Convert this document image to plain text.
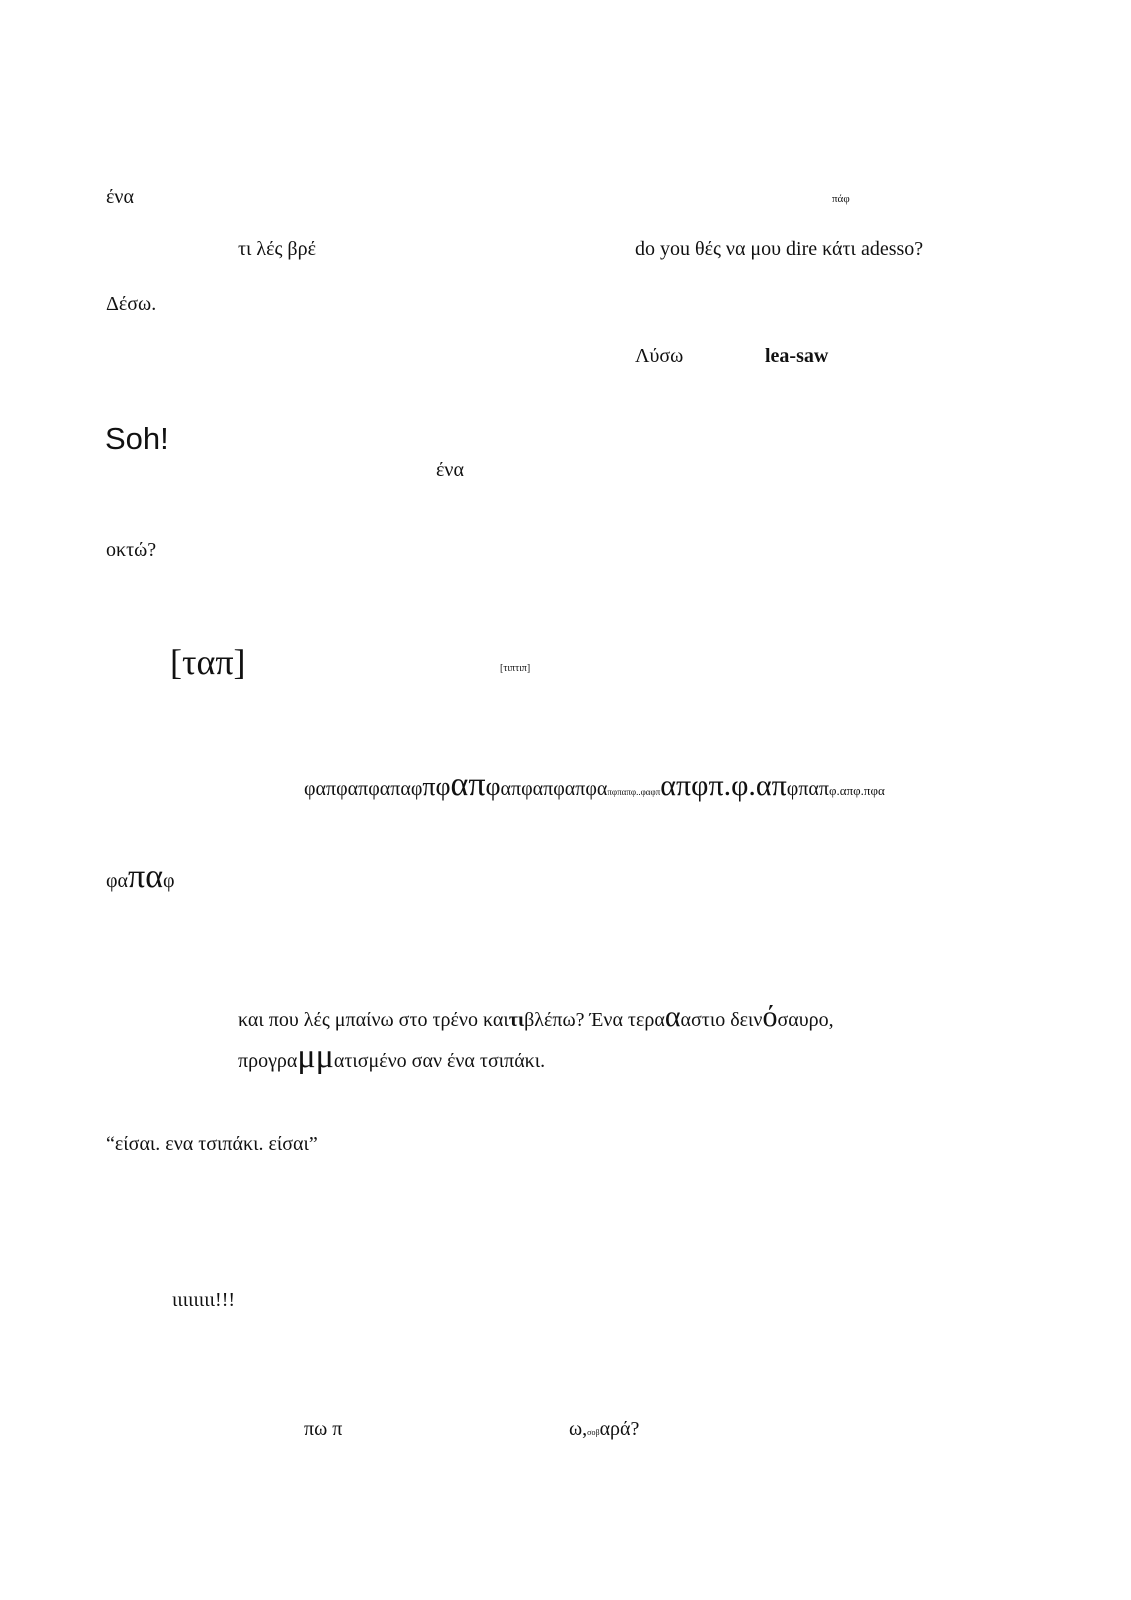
ένα	πάφ
τι λές βρέ	do you θές να μου dire κάτι adesso?
Δέσω.
Λύσω	lea-saw
Soh!
ένα
οκτώ?
[ταπ]	[τιπτιπ]
φαπφαπφαπαφ πφ απ φ απφαπφαπφα πφπαπφ..φαφπ απφπ.φ.απ φπαπ φ.απφ.πφα
φα πα φ
και που λές μπαίνω στο τρένο και τι βλέπω? Ένα τερα α αστιο δειν ό σαυρο,
προγρα μμ ατισμένο σαν ένα τσιπάκι.
“είσαι. ενα τσιπάκι. είσαι”
ιιιιιιιι!!!
πω π	ω, σοβ αρά?
